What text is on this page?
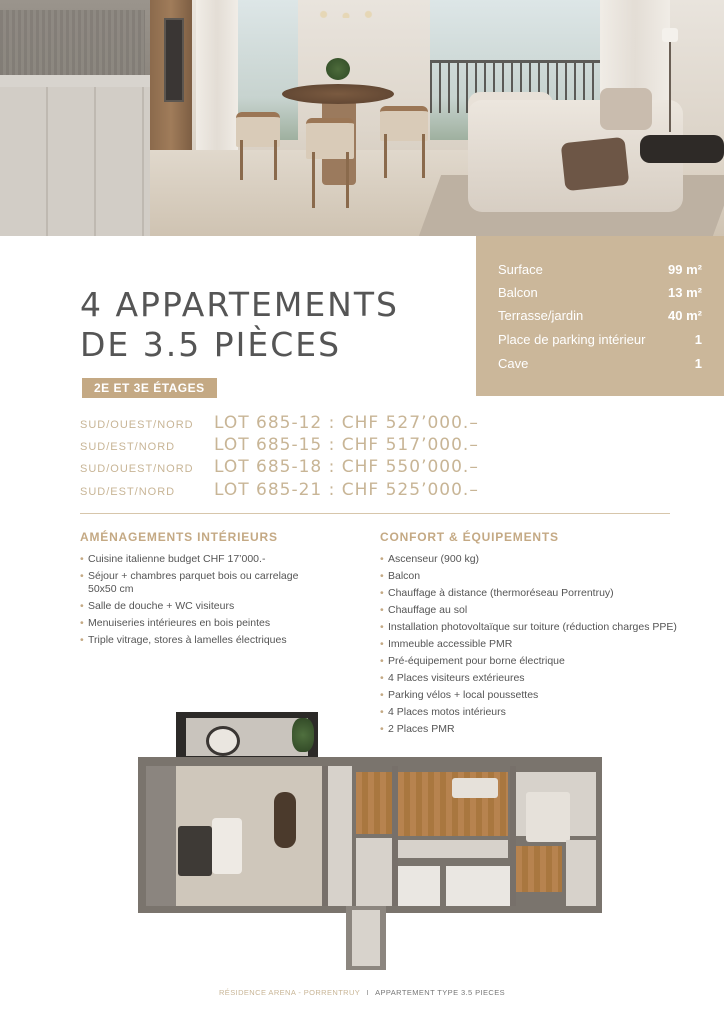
Surface	99 m²
Balcon	13 m²
Terrasse/jardin	40 m²
Place de parking intérieur	1
Cave	1
4 APPARTEMENTS
DE 3.5 PIÈCES
2E ET 3E ÉTAGES
SUD/OUEST/NORD	LOT 685-12 : CHF 527’000.–
SUD/EST/NORD	LOT 685-15 : CHF 517’000.–
SUD/OUEST/NORD	LOT 685-18 : CHF 550’000.–
SUD/EST/NORD	LOT 685-21 : CHF 525’000.–
AMÉNAGEMENTS INTÉRIEURS
• Cuisine italienne budget CHF 17’000.-
• Séjour + chambres parquet bois ou carrelage 50x50 cm
• Salle de douche + WC visiteurs
• Menuiseries intérieures en bois peintes
• Triple vitrage, stores à lamelles électriques
CONFORT & ÉQUIPEMENTS
• Ascenseur (900 kg)
• Balcon
• Chauffage à distance (thermoréseau Porrentruy)
• Chauffage au sol
• Installation photovoltaïque sur toiture (réduction charges PPE)
• Immeuble accessible PMR
• Pré-équipement pour borne électrique
• 4 Places visiteurs extérieures
• Parking vélos + local poussettes
• 4 Places motos intérieurs
• 2 Places PMR
RÉSIDENCE ARENA - PORRENTRUY I APPARTEMENT TYPE 3.5 PIECES
